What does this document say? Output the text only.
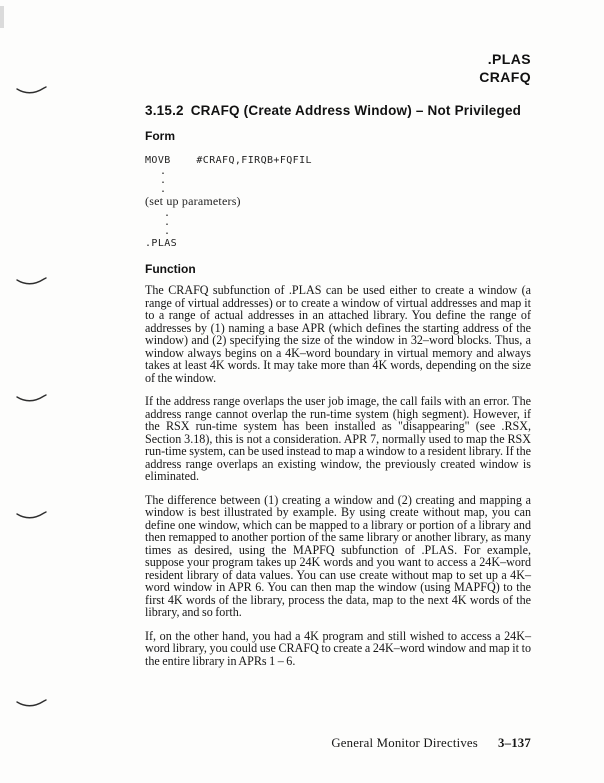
.PLAS
CRAFQ
3.15.2 CRAFQ (Create Address Window) – Not Privileged
Form
MOVB    #CRAFQ,FIRQB+FQFIL
.
.
.
(set up parameters)
.
.
.
.PLAS
Function

The CRAFQ subfunction of .PLAS can be used either to create a window (a range of virtual addresses) or to create a window of virtual addresses and map it to a range of actual addresses in an attached library. You define the range of addresses by (1) naming a base APR (which defines the starting address of the window) and (2) specifying the size of the window in 32–word blocks. Thus, a window always begins on a 4K–word boundary in virtual memory and always takes at least 4K words. It may take more than 4K words, depending on the size of the window.

If the address range overlaps the user job image, the call fails with an error. The address range cannot overlap the run-time system (high segment). However, if the RSX run-time system has been installed as "disappearing" (see .RSX, Section 3.18), this is not a consideration. APR 7, normally used to map the RSX run-time system, can be used instead to map a window to a resident library. If the address range overlaps an existing window, the previously created window is eliminated.

The difference between (1) creating a window and (2) creating and mapping a window is best illustrated by example. By using create without map, you can define one window, which can be mapped to a library or portion of a library and then remapped to another portion of the same library or another library, as many times as desired, using the MAPFQ subfunction of .PLAS. For example, suppose your program takes up 24K words and you want to access a 24K–word resident library of data values. You can use create without map to set up a 4K–word window in APR 6. You can then map the window (using MAPFQ) to the first 4K words of the library, process the data, map to the next 4K words of the library, and so forth.

If, on the other hand, you had a 4K program and still wished to access a 24K–word library, you could use CRAFQ to create a 24K–word window and map it to the entire library in APRs 1 – 6.

General Monitor Directives 3–137
